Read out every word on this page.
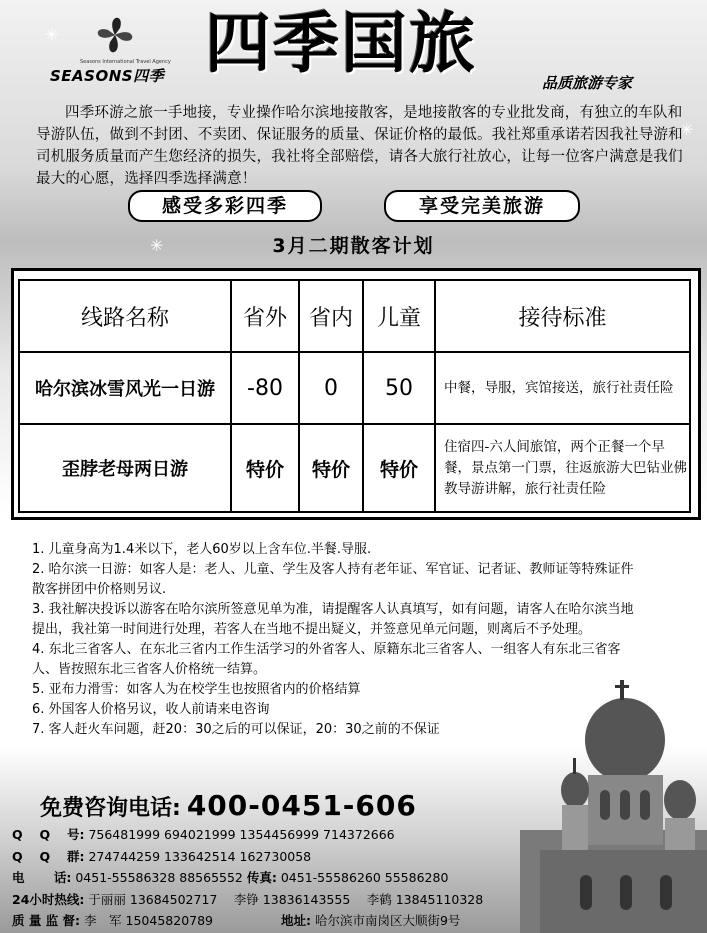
✳
✳
✳
Seasons International Travel Agency
SEASONS四季 四季国旅
品质旅游专家
四季环游之旅一手地接，专业操作哈尔滨地接散客，是地接散客的专业批发商，有独立的车队和导游队伍，做到不封团、不卖团、保证服务的质量、保证价格的最低。我社郑重承诺若因我社导游和司机服务质量而产生您经济的损失，我社将全部赔偿，请各大旅行社放心，让每一位客户满意是我们最大的心愿，选择四季选择满意！
感受多彩四季	享受完美旅游
3月二期散客计划
线路名称	省外	省内	儿童	接待标准
哈尔滨冰雪风光一日游	-80	0	50	中餐，导服，宾馆接送，旅行社责任险
歪脖老母两日游	特价	特价	特价	住宿四-六人间旅馆，两个正餐一个早餐，景点第一门票，往返旅游大巴钻业佛教导游讲解，旅行社责任险
1. 儿童身高为1.4米以下，老人60岁以上含车位.半餐.导服.
2. 哈尔滨一日游：如客人是：老人、儿童、学生及客人持有老年证、军官证、记者证、教师证等特殊证件散客拼团中价格则另议.
3. 我社解决投诉以游客在哈尔滨所签意见单为准，请提醒客人认真填写，如有问题，请客人在哈尔滨当地提出，我社第一时间进行处理，若客人在当地不提出疑义，并签意见单元问题，则离后不予处理。
4. 东北三省客人、在东北三省内工作生活学习的外省客人、原籍东北三省客人、一组客人有东北三省客人、皆按照东北三省客人价格统一结算。
5. 亚布力滑雪：如客人为在校学生也按照省内的价格结算
6. 外国客人价格另议，收人前请来电咨询
7. 客人赶火车问题，赶20：30之后的可以保证，20：30之前的不保证
免费咨询电话: 400-0451-606
Q　 Q　 号: 756481999 694021999 1354456999 714372666
Q　 Q　 群: 274744259 133642514 162730058
电　　 话: 0451-55586328 88565552 传真: 0451-55586260 55586280
24小时热线: 于丽丽 13684502717　 李铮 13836143555　 李鹤 13845110328
质 量 监 督: 李　军 15045820789	地址: 哈尔滨市南岗区大顺街9号
